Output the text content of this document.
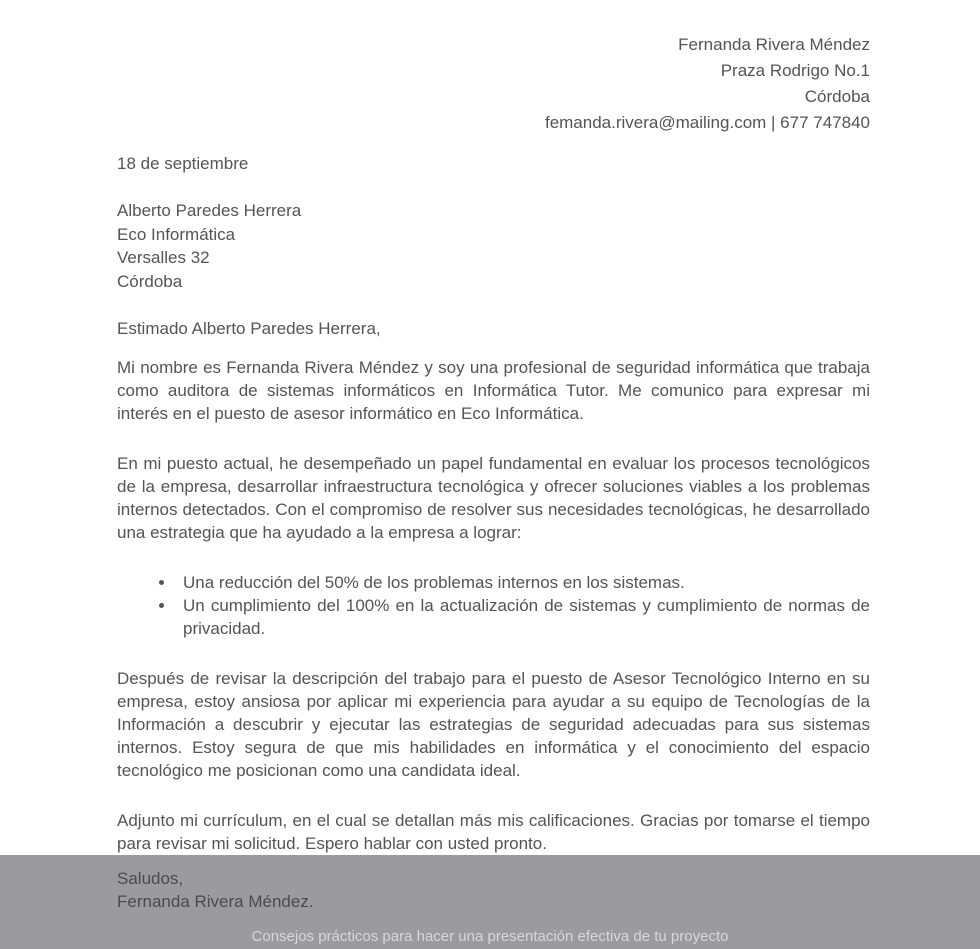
Fernanda Rivera Méndez
Praza Rodrigo No.1
Córdoba
femanda.rivera@mailing.com | 677 747840
18 de septiembre
Alberto Paredes Herrera
Eco Informática
Versalles 32
Córdoba
Estimado Alberto Paredes Herrera,

Mi nombre es Fernanda Rivera Méndez y soy una profesional de seguridad informática que trabaja como auditora de sistemas informáticos en Informática Tutor. Me comunico para expresar mi interés en el puesto de asesor informático en Eco Informática.

En mi puesto actual, he desempeñado un papel fundamental en evaluar los procesos tecnológicos de la empresa, desarrollar infraestructura tecnológica y ofrecer soluciones viables a los problemas internos detectados. Con el compromiso de resolver sus necesidades tecnológicas, he desarrollado una estrategia que ha ayudado a la empresa a lograr:

• Una reducción del 50% de los problemas internos en los sistemas.
• Un cumplimiento del 100% en la actualización de sistemas y cumplimiento de normas de privacidad.

Después de revisar la descripción del trabajo para el puesto de Asesor Tecnológico Interno en su empresa, estoy ansiosa por aplicar mi experiencia para ayudar a su equipo de Tecnologías de la Información a descubrir y ejecutar las estrategias de seguridad adecuadas para sus sistemas internos. Estoy segura de que mis habilidades en informática y el conocimiento del espacio tecnológico me posicionan como una candidata ideal.

Adjunto mi currículum, en el cual se detallan más mis calificaciones. Gracias por tomarse el tiempo para revisar mi solicitud. Espero hablar con usted pronto.

Saludos,
Fernanda Rivera Méndez.
Consejos prácticos para hacer una presentación efectiva de tu proyecto
